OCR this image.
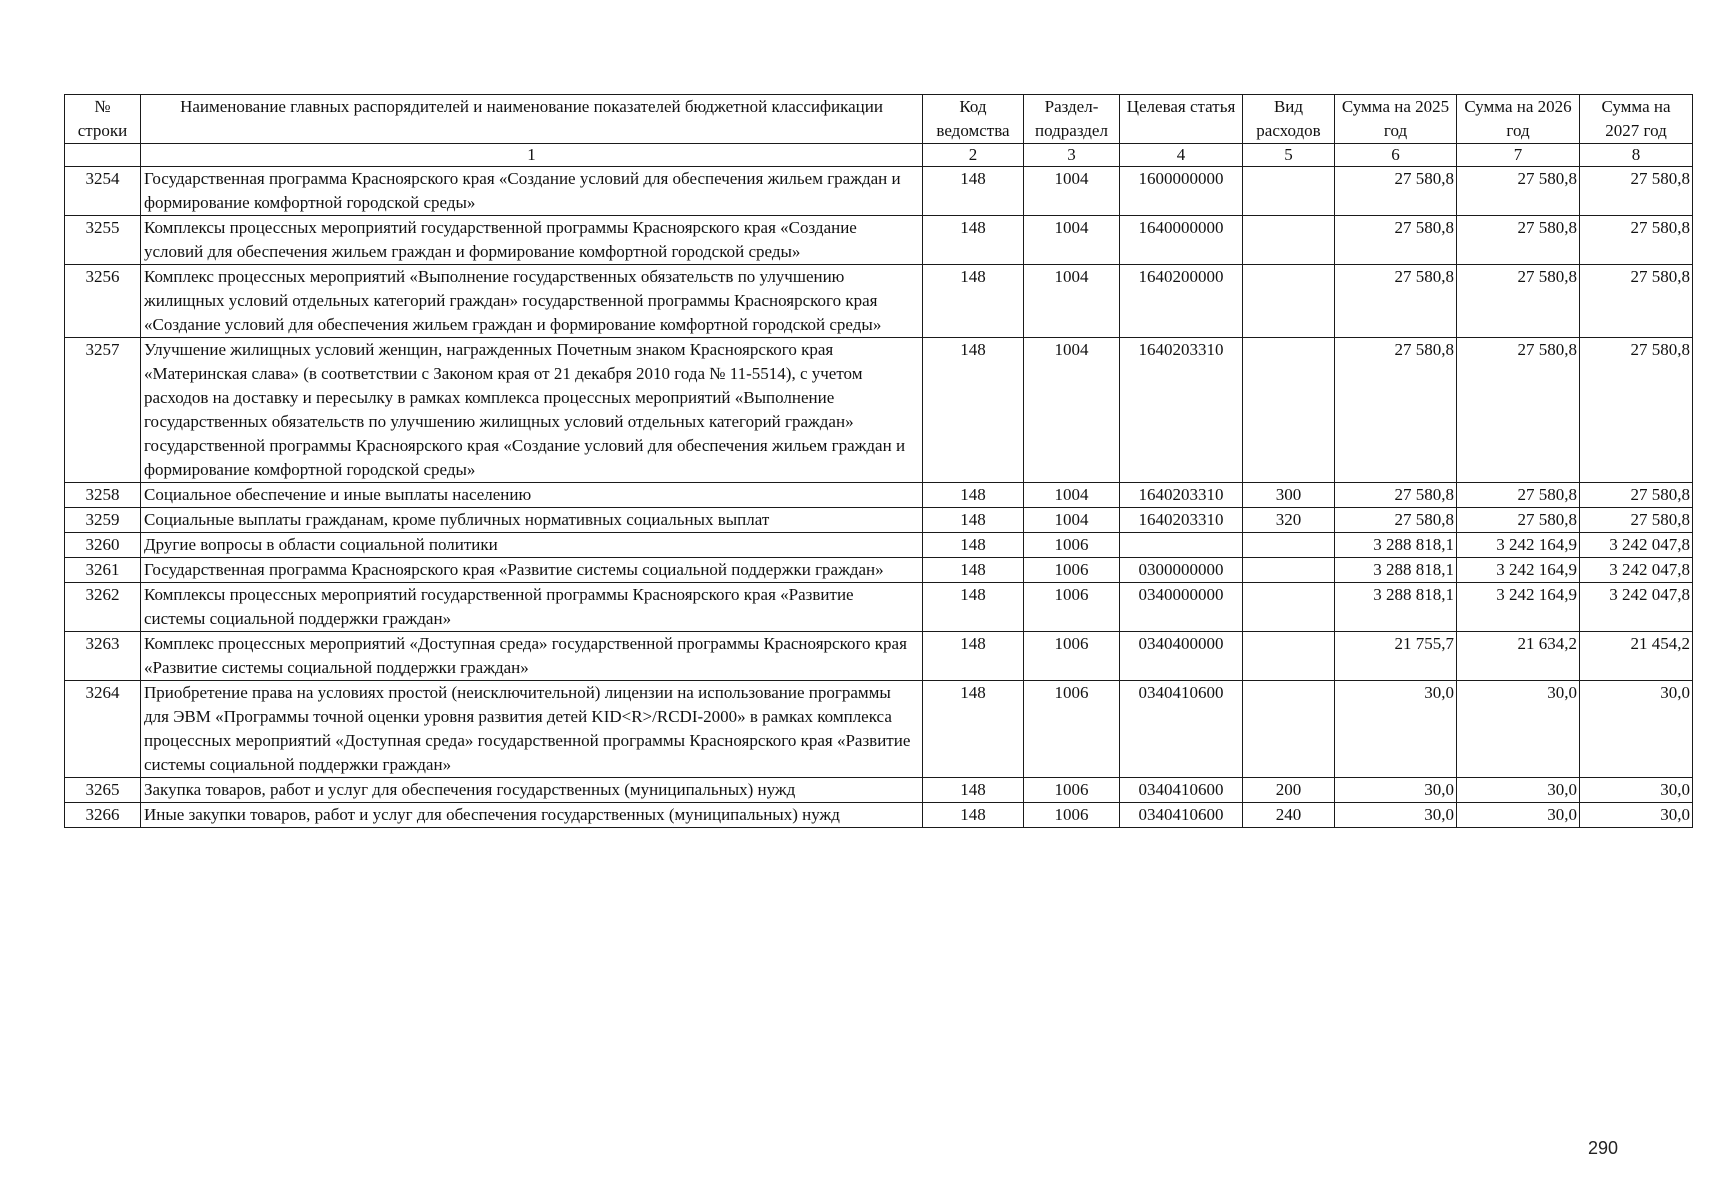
№ строки	Наименование главных распорядителей и наименование показателей бюджетной классификации	Код ведомства	Раздел-подраздел	Целевая статья	Вид расходов	Сумма на 2025 год	Сумма на 2026 год	Сумма на 2027 год
	1	2	3	4	5	6	7	8
3254	Государственная программа Красноярского края «Создание условий для обеспечения жильем граждан и формирование комфортной городской среды»	148	1004	1600000000		27 580,8	27 580,8	27 580,8
3255	Комплексы процессных мероприятий государственной программы Красноярского края «Создание условий для обеспечения жильем граждан и формирование комфортной городской среды»	148	1004	1640000000		27 580,8	27 580,8	27 580,8
3256	Комплекс процессных мероприятий «Выполнение государственных обязательств по улучшению жилищных условий отдельных категорий граждан» государственной программы Красноярского края «Создание условий для обеспечения жильем граждан и формирование комфортной городской среды»	148	1004	1640200000		27 580,8	27 580,8	27 580,8
3257	Улучшение жилищных условий женщин, награжденных Почетным знаком Красноярского края «Материнская слава» (в соответствии с Законом края от 21 декабря 2010 года № 11-5514), с учетом расходов на доставку и пересылку в рамках комплекса процессных мероприятий «Выполнение государственных обязательств по улучшению жилищных условий отдельных категорий граждан» государственной программы Красноярского края «Создание условий для обеспечения жильем граждан и формирование комфортной городской среды»	148	1004	1640203310		27 580,8	27 580,8	27 580,8
3258	Социальное обеспечение и иные выплаты населению	148	1004	1640203310	300	27 580,8	27 580,8	27 580,8
3259	Социальные выплаты гражданам, кроме публичных нормативных социальных выплат	148	1004	1640203310	320	27 580,8	27 580,8	27 580,8
3260	Другие вопросы в области социальной политики	148	1006			3 288 818,1	3 242 164,9	3 242 047,8
3261	Государственная программа Красноярского края «Развитие системы социальной поддержки граждан»	148	1006	0300000000		3 288 818,1	3 242 164,9	3 242 047,8
3262	Комплексы процессных мероприятий государственной программы Красноярского края «Развитие системы социальной поддержки граждан»	148	1006	0340000000		3 288 818,1	3 242 164,9	3 242 047,8
3263	Комплекс процессных мероприятий «Доступная среда» государственной программы Красноярского края «Развитие системы социальной поддержки граждан»	148	1006	0340400000		21 755,7	21 634,2	21 454,2
3264	Приобретение права на условиях простой (неисключительной) лицензии на использование программы для ЭВМ «Программы точной оценки уровня развития детей KID<R>/RCDI-2000» в рамках комплекса процессных мероприятий «Доступная среда» государственной программы Красноярского края «Развитие системы социальной поддержки граждан»	148	1006	0340410600		30,0	30,0	30,0
3265	Закупка товаров, работ и услуг для обеспечения государственных (муниципальных) нужд	148	1006	0340410600	200	30,0	30,0	30,0
3266	Иные закупки товаров, работ и услуг для обеспечения государственных (муниципальных) нужд	148	1006	0340410600	240	30,0	30,0	30,0
290
